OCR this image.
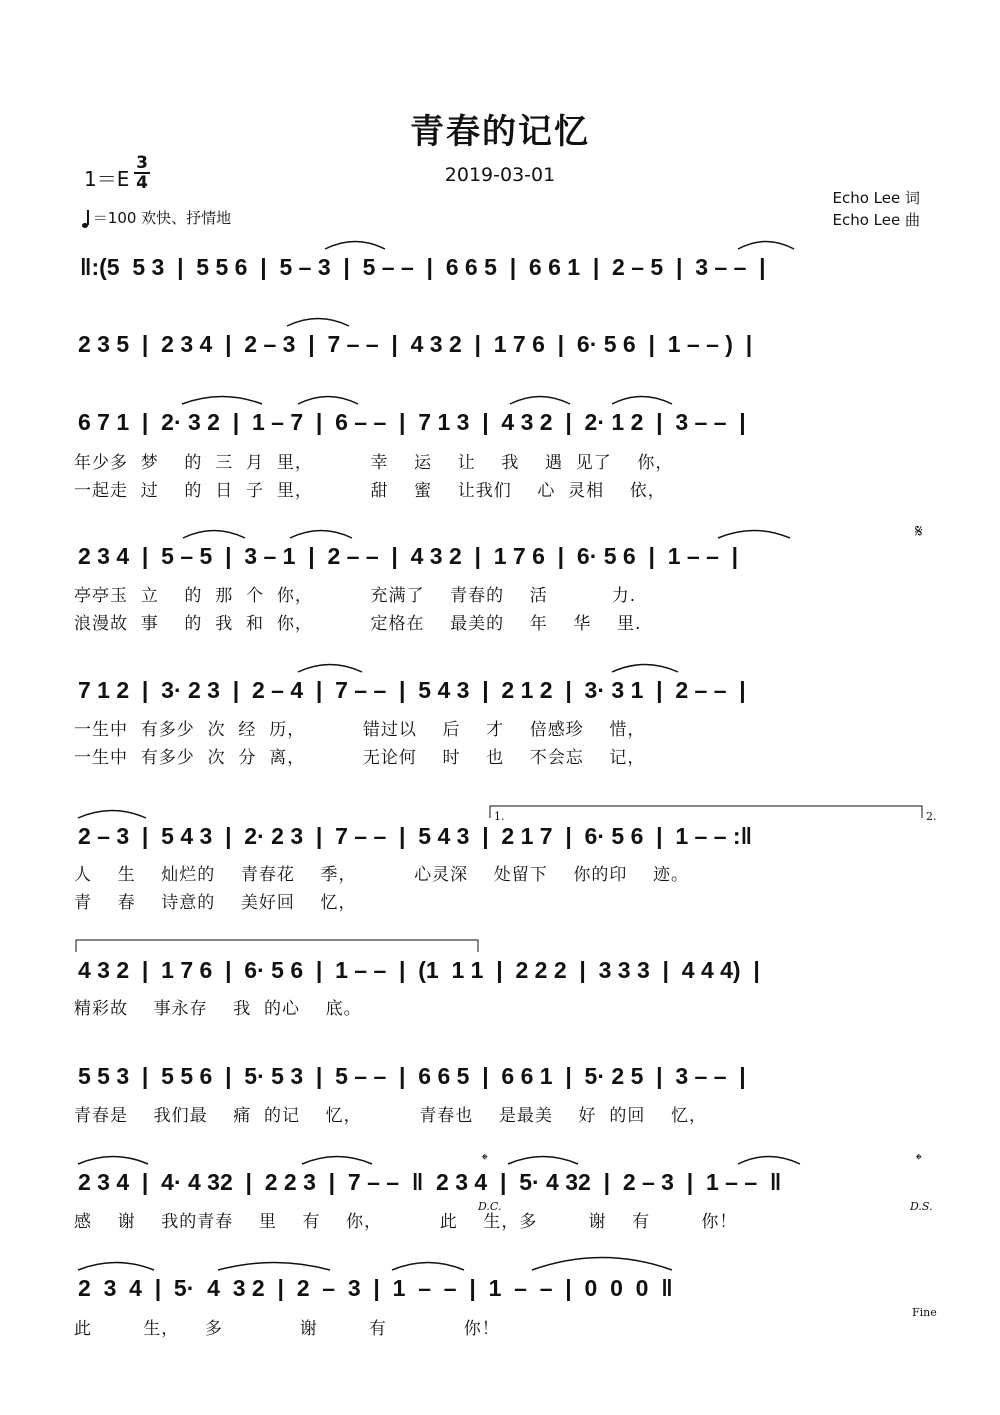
青春的记忆
2019-03-01
$1=E \frac{3}{4}$
＝100 欢快、抒情地
Echo Lee 词
Echo Lee 曲
‖:(5  5 3  |  5 5 6  |  5 – 3  |  5 – –  |  6 6 5  |  6 6 1  |  2 – 5  |  3 – –  |
2 3 5  |  2 3 4  |  2 – 3  |  7 – –  |  4 3 2  |  1 7 6  |  6· 5 6  |  1 – – )  |
6 7 1  |  2· 3 2  |  1 – 7  |  6 – –  |  7 1 3  |  4 3 2  |  2· 1 2  |  3 – –  |
年少多  梦    的  三  月  里，         幸    运    让    我    遇  见了    你，
一起走  过    的  日  子  里，         甜    蜜    让我们    心  灵相    依，
2 3 4  |  5 – 5  |  3 – 1  |  2 – –  |  4 3 2  |  1 7 6  |  6· 5 6  |  1 – –  |
亭亭玉  立    的  那  个  你，         充满了    青春的    活          力.
浪漫故  事    的  我  和  你，         定格在    最美的    年    华    里.
𝄋
7 1 2  |  3· 2 3  |  2 – 4  |  7 – –  |  5 4 3  |  2 1 2  |  3· 3 1  |  2 – –  |
一生中  有多少  次  经  历，         错过以    后    才    倍感珍    惜，
一生中  有多少  次  分  离，         无论何    时    也    不会忘    记，
1.	2.
2 – 3  |  5 4 3  |  2· 2 3  |  7 – –  |  5 4 3  |  2 1 7  |  6· 5 6  |  1 – – :‖
人    生    灿烂的    青春花    季，         心灵深    处留下    你的印    迹。
青    春    诗意的    美好回    忆，
4 3 2  |  1 7 6  |  6· 5 6  |  1 – –  |  (1  1 1  |  2 2 2  |  3 3 3  |  4 4 4)  |
精彩故    事永存    我  的心    底。
5 5 3  |  5 5 6  |  5· 5 3  |  5 – –  |  6 6 5  |  6 6 1  |  5· 2 5  |  3 – –  |
青春是    我们最    痛  的记    忆，         青春也    是最美    好  的回    忆，
2 3 4  |  4· 4 32  |  2 2 3  |  7 – –  ‖  2 3 4  |  5· 4 32  |  2 – 3  |  1 – –  ‖
感    谢    我的青春    里    有    你，         此    生，多        谢    有        你！
𝄌	𝄌
D.C.	D.S.
2  3  4  |  5·  4  3 2  |  2  –  3  |  1  –  –  |  1  –  –  |  0  0  0  ‖
此        生，    多            谢        有            你！
Fine
